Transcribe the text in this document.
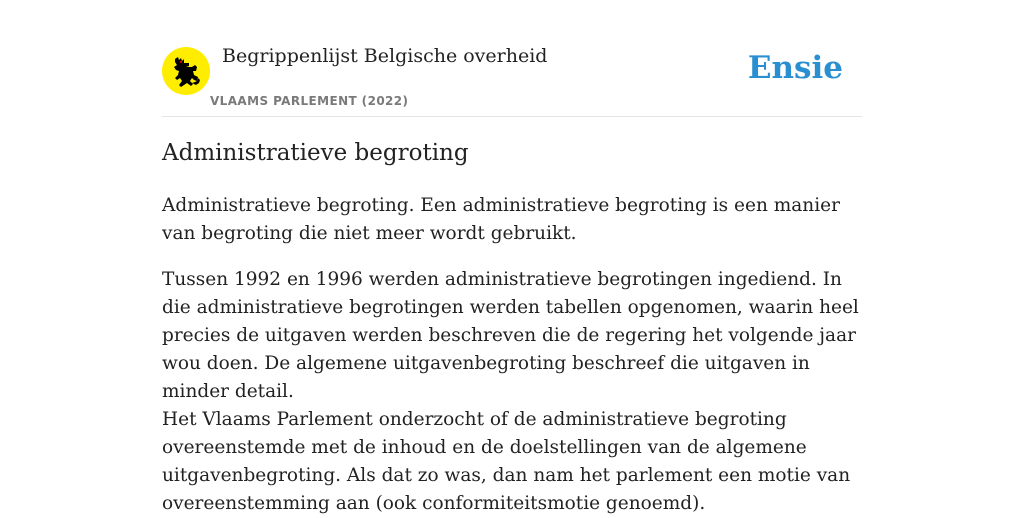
Begrippenlijst Belgische overheid
VLAAMS PARLEMENT (2022)
Ensie
Administratieve begroting

Administratieve begroting. Een administratieve begroting is een manier van begroting die niet meer wordt gebruikt.

Tussen 1992 en 1996 werden administratieve begrotingen ingediend. In die administratieve begrotingen werden tabellen opgenomen, waarin heel precies de uitgaven werden beschreven die de regering het volgende jaar wou doen. De algemene uitgavenbegroting beschreef die uitgaven in minder detail.

Het Vlaams Parlement onderzocht of de administratieve begroting overeenstemde met de inhoud en de doelstellingen van de algemene uitgavenbegroting. Als dat zo was, dan nam het parlement een motie van overeenstemming aan (ook conformiteitsmotie genoemd).
